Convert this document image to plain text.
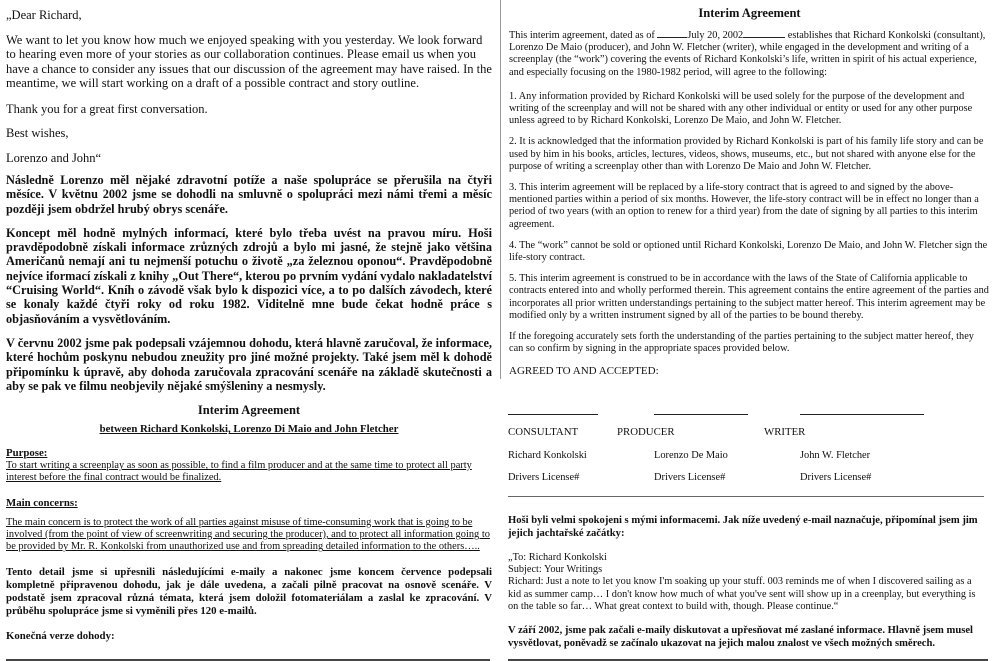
„Dear Richard,

We want to let you know how much we enjoyed speaking with you yesterday. We look forward to hearing even more of your stories as our collaboration continues. Please email us when you have a chance to consider any issues that our discussion of the agreement may have raised. In the meantime, we will start working on a draft of a possible contract and story outline.

Thank you for a great first conversation.

Best wishes,

Lorenzo and John“

Následně Lorenzo měl nějaké zdravotní potíže a naše spolupráce se přerušila na čtyři měsíce. V květnu 2002 jsme se dohodli na smluvně o spolupráci mezi námi třemi a měsíc později jsem obdržel hrubý obrys scenáře.

Koncept měl hodně mylných informací, které bylo třeba uvést na pravou míru. Hoši pravděpodobně získali informace zrůzných zdrojů a bylo mi jasné, že stejně jako většina Američanů nemají ani tu nejmenší potuchu o životě „za železnou oponou“. Pravděpodobně nejvíce iformací získali z knihy „Out There“, kterou po prvním vydání vydalo nakladatelství “Cruising World“. Kníh o závodě však bylo k dispozici více, a to po dalších závodech, které se konaly každé čtyři roky od roku 1982. Viditelně mne bude čekat hodně práce s objasňováním a vysvětlováním.

V červnu 2002 jsme pak podepsali vzájemnou dohodu, která hlavně zaručoval, že informace, které hochům poskynu nebudou zneužity pro jiné možné projekty. Také jsem měl k dohodě připomínku k úpravě, aby dohoda zaručovala zpracování scenáře na základě skutečnosti a aby se pak ve filmu neobjevily nějaké smýšleniny a nesmysly.

Interim Agreement

between Richard Konkolski, Lorenzo Di Maio and John Fletcher

Purpose:

To start writing a screenplay as soon as possible, to find a film producer and at the same time to protect all party interest before the final contract would be finalized.

Main concerns:

The main concern is to protect the work of all parties against misuse of time-consuming work that is going to be involved (from the point of view of screenwriting and securing the producer), and to protect all information going to be provided by Mr. R. Konkolski from unauthorized use and from spreading detailed information to the others…..

Tento detail jsme si upřesnili následujícími e-maily a nakonec jsme koncem července podepsali kompletně připravenou dohodu, jak je dále uvedena, a začali pilně pracovat na osnově scenáře. V podstatě jsem zpracoval různá témata, která jsem doložil fotomateriálam a zaslal ke zpracování. V průběhu spolupráce jsme si vyměnili přes 120 e-mailů.

Konečná verze dohody:

Interim Agreement

This interim agreement, dated as of	July 20, 2002	establishes that Richard Konkolski (consultant), Lorenzo De Maio (producer), and John W. Fletcher (writer), while engaged in the development and writing of a screenplay (the “work”) covering the events of Richard Konkolski’s life, written in spirit of his actual experience, and especially focusing on the 1980-1982 period, will agree to the following:

1. Any information provided by Richard Konkolski will be used solely for the purpose of the development and writing of the screenplay and will not be shared with any other individual or entity or used for any other purpose unless agreed to by Richard Konkolski, Lorenzo De Maio, and John W. Fletcher.

2. It is acknowledged that the information provided by Richard Konkolski is part of his family life story and can be used by him in his books, articles, lectures, videos, shows, museums, etc., but not shared with anyone else for the purpose of writing a screenplay other than with Lorenzo De Maio and John W. Fletcher.

3. This interim agreement will be replaced by a life-story contract that is agreed to and signed by the above-mentioned parties within a period of six months. However, the life-story contract will be in effect no longer than a period of two years (with an option to renew for a third year) from the date of signing by all parties to this interim agreement.

4. The “work” cannot be sold or optioned until Richard Konkolski, Lorenzo De Maio, and John W. Fletcher sign the life-story contract.

5. This interim agreement is construed to be in accordance with the laws of the State of California applicable to contracts entered into and wholly performed therein. This agreement contains the entire agreement of the parties and incorporates all prior written understandings pertaining to the subject matter hereof. This interim agreement may be modified only by a written instrument signed by all of the parties to be bound thereby.

If the foregoing accurately sets forth the understanding of the parties pertaining to the subject matter hereof, they can so confirm by signing in the appropriate spaces provided below.

AGREED TO AND ACCEPTED:

CONSULTANT	PRODUCER	WRITER
Richard Konkolski	Lorenzo De Maio	John W. Fletcher
Drivers License#	Drivers License#	Drivers License#

Hoši byli velmi spokojeni s mými informacemi. Jak níže uvedený e-mail naznačuje, připomínal jsem jim jejich jachtařské začátky:

„To: Richard Konkolski

Subject: Your Writings

Richard: Just a note to let you know I'm soaking up your stuff. 003 reminds me of when I discovered sailing as a kid as summer camp… I don't know how much of what you've sent will show up in a creenplay, but everything is on the table so far… What great context to build with, though. Please continue.“

V září 2002, jsme pak začali e-maily diskutovat a upřesňovat mé zaslané informace. Hlavně jsem musel vysvětlovat, poněvadž se začínalo ukazovat na jejich malou znalost ve všech možných směrech.
